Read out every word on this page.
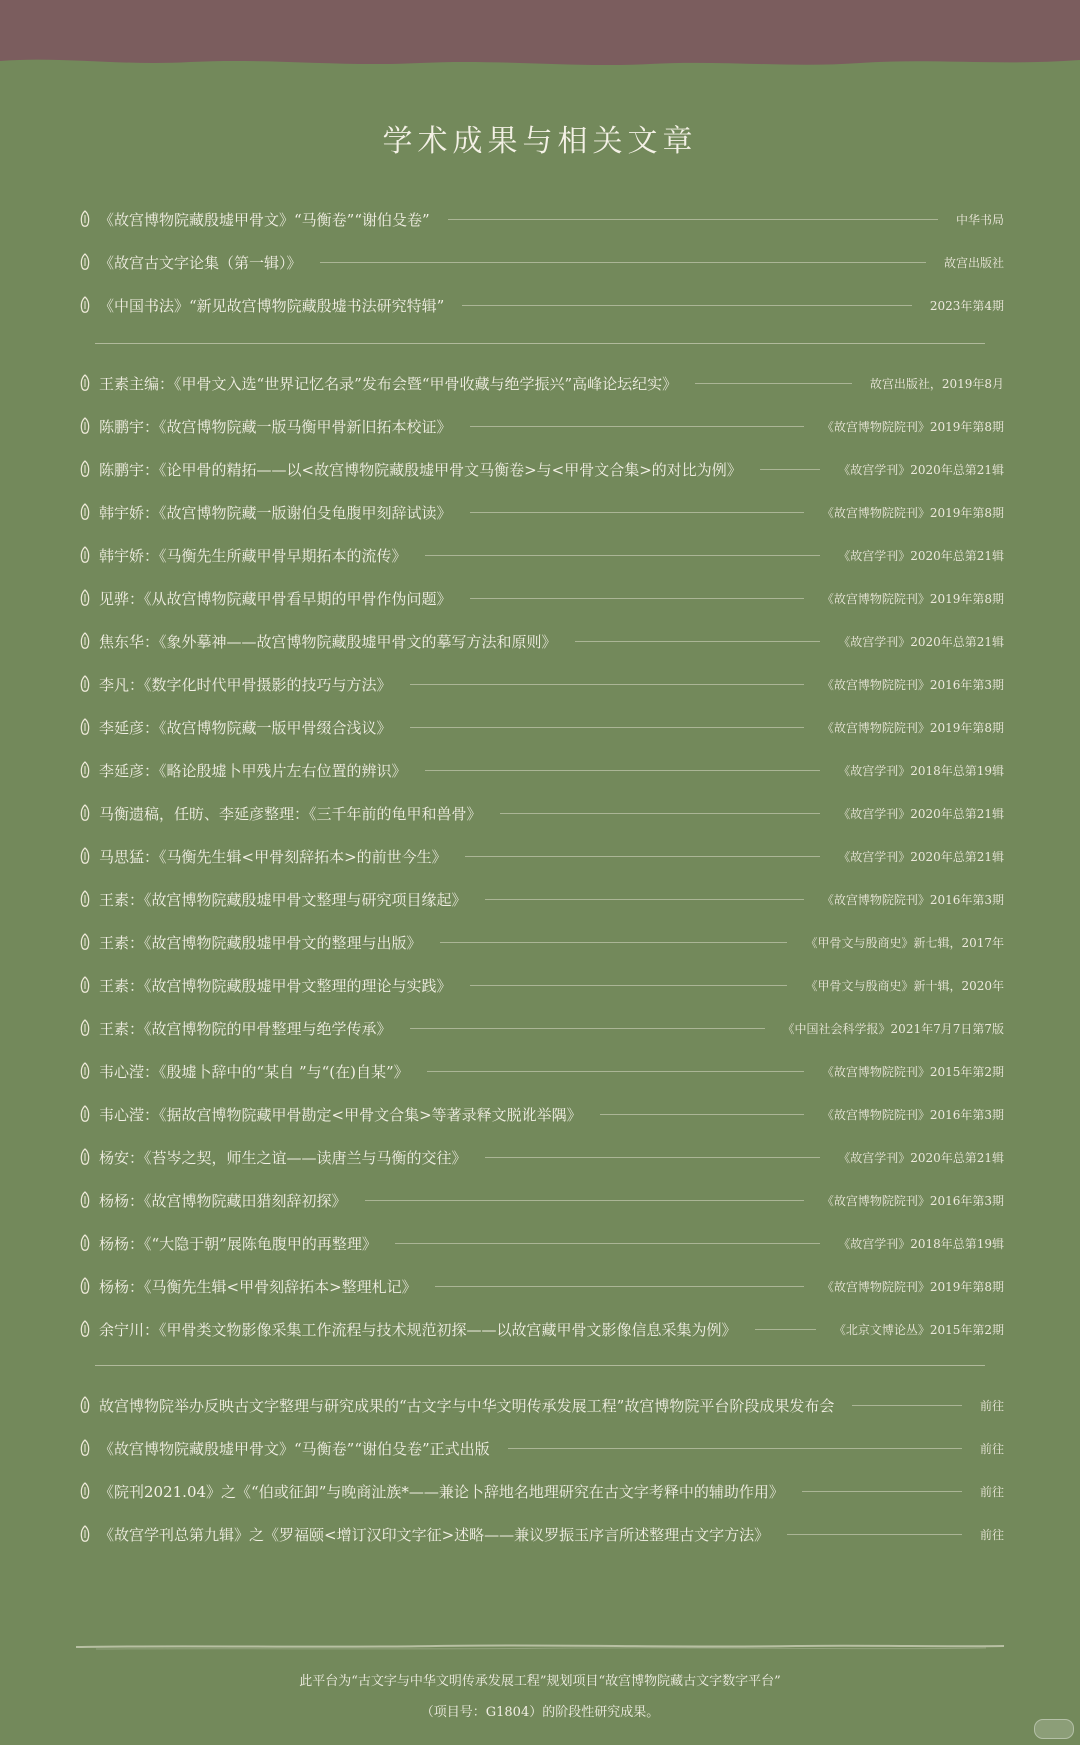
学术成果与相关文章
《故宫博物院藏殷墟甲骨文》“马衡卷”“谢伯殳卷”	中华书局
《故宫古文字论集（第一辑）》	故宫出版社
《中国书法》“新见故宫博物院藏殷墟书法研究特辑”	2023年第4期
王素主编：《甲骨文入选“世界记忆名录”发布会暨“甲骨收藏与绝学振兴”高峰论坛纪实》	故宫出版社，2019年8月
陈鹏宇：《故宫博物院藏一版马衡甲骨新旧拓本校证》	《故宫博物院院刊》2019年第8期
陈鹏宇：《论甲骨的精拓——以<故宫博物院藏殷墟甲骨文马衡卷>与<甲骨文合集>的对比为例》	《故宫学刊》2020年总第21辑
韩宇娇：《故宫博物院藏一版谢伯殳龟腹甲刻辞试读》	《故宫博物院院刊》2019年第8期
韩宇娇：《马衡先生所藏甲骨早期拓本的流传》	《故宫学刊》2020年总第21辑
见骅：《从故宫博物院藏甲骨看早期的甲骨作伪问题》	《故宫博物院院刊》2019年第8期
焦东华：《象外摹神——故宫博物院藏殷墟甲骨文的摹写方法和原则》	《故宫学刊》2020年总第21辑
李凡：《数字化时代甲骨摄影的技巧与方法》	《故宫博物院院刊》2016年第3期
李延彦：《故宫博物院藏一版甲骨缀合浅议》	《故宫博物院院刊》2019年第8期
李延彦：《略论殷墟卜甲残片左右位置的辨识》	《故宫学刊》2018年总第19辑
马衡遗稿，任昉、李延彦整理：《三千年前的龟甲和兽骨》	《故宫学刊》2020年总第21辑
马思猛：《马衡先生辑<甲骨刻辞拓本>的前世今生》	《故宫学刊》2020年总第21辑
王素：《故宫博物院藏殷墟甲骨文整理与研究项目缘起》	《故宫博物院院刊》2016年第3期
王素：《故宫博物院藏殷墟甲骨文的整理与出版》	《甲骨文与殷商史》新七辑，2017年
王素：《故宫博物院藏殷墟甲骨文整理的理论与实践》	《甲骨文与殷商史》新十辑，2020年
王素：《故宫博物院的甲骨整理与绝学传承》	《中国社会科学报》2021年7月7日第7版
韦心滢：《殷墟卜辞中的“某自 ”与“(在)自某”》	《故宫博物院院刊》2015年第2期
韦心滢：《据故宫博物院藏甲骨勘定<甲骨文合集>等著录释文脱讹举隅》	《故宫博物院院刊》2016年第3期
杨安：《苔岑之契，师生之谊——读唐兰与马衡的交往》	《故宫学刊》2020年总第21辑
杨杨：《故宫博物院藏田猎刻辞初探》	《故宫博物院院刊》2016年第3期
杨杨：《“大隐于朝”展陈龟腹甲的再整理》	《故宫学刊》2018年总第19辑
杨杨：《马衡先生辑<甲骨刻辞拓本>整理札记》	《故宫博物院院刊》2019年第8期
余宁川：《甲骨类文物影像采集工作流程与技术规范初探——以故宫藏甲骨文影像信息采集为例》	《北京文博论丛》2015年第2期
故宫博物院举办反映古文字整理与研究成果的“古文字与中华文明传承发展工程”故宫博物院平台阶段成果发布会	前往
《故宫博物院藏殷墟甲骨文》“马衡卷”“谢伯殳卷”正式出版	前往
《院刊2021.04》之《“伯或征卸”与晚商沚族*——兼论卜辞地名地理研究在古文字考释中的辅助作用》	前往
《故宫学刊总第九辑》之《罗福颐<增订汉印文字征>述略——兼议罗振玉序言所述整理古文字方法》	前往

此平台为“古文字与中华文明传承发展工程”规划项目“故宫博物院藏古文字数字平台”

（项目号：G1804）的阶段性研究成果。
